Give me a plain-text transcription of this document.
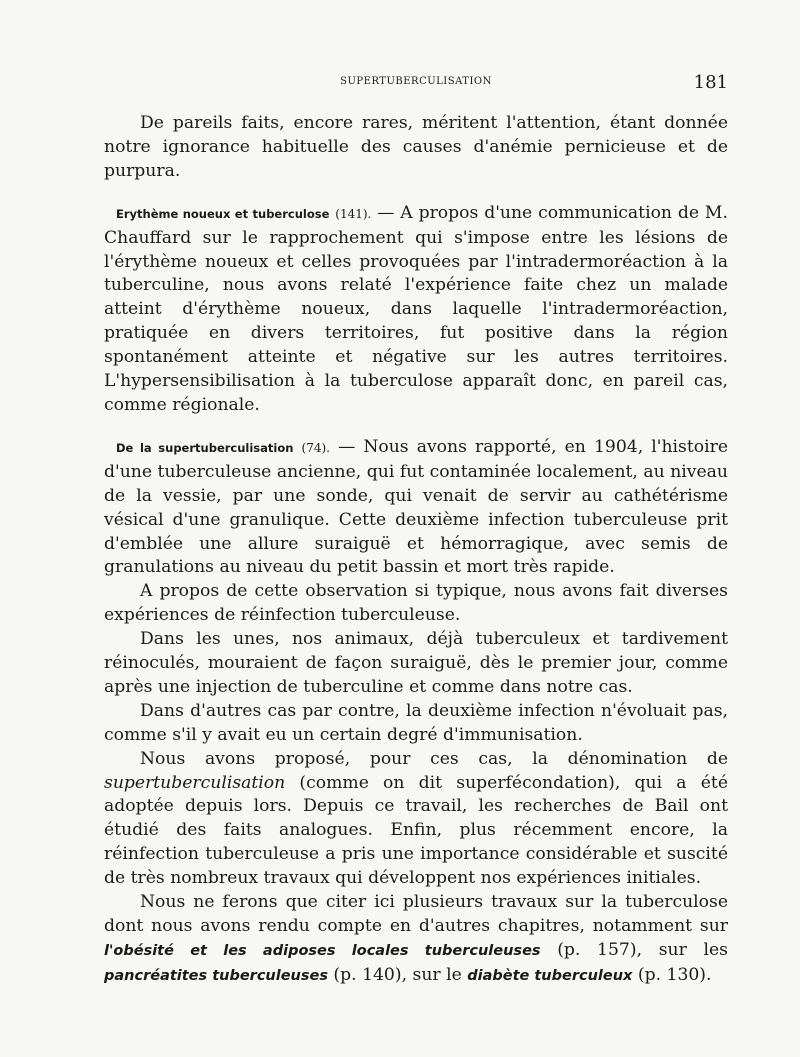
SUPERTUBERCULISATION	181

De pareils faits, encore rares, méritent l'attention, étant donnée notre ignorance habituelle des causes d'anémie pernicieuse et de purpura.

Erythème noueux et tuberculose (141). — A propos d'une communication de M. Chauffard sur le rapprochement qui s'impose entre les lésions de l'érythème noueux et celles provoquées par l'intradermoréaction à la tuberculine, nous avons relaté l'expérience faite chez un malade atteint d'érythème noueux, dans laquelle l'intradermoréaction, pratiquée en divers territoires, fut positive dans la région spontanément atteinte et négative sur les autres territoires. L'hypersensibilisation à la tuberculose apparaît donc, en pareil cas, comme régionale.

De la supertuberculisation (74). — Nous avons rapporté, en 1904, l'histoire d'une tuberculeuse ancienne, qui fut contaminée localement, au niveau de la vessie, par une sonde, qui venait de servir au cathétérisme vésical d'une granulique. Cette deuxième infection tuberculeuse prit d'emblée une allure suraiguë et hémorragique, avec semis de granulations au niveau du petit bassin et mort très rapide.

A propos de cette observation si typique, nous avons fait diverses expériences de réinfection tuberculeuse.

Dans les unes, nos animaux, déjà tuberculeux et tardivement réinoculés, mouraient de façon suraiguë, dès le premier jour, comme après une injection de tuberculine et comme dans notre cas.

Dans d'autres cas par contre, la deuxième infection n'évoluait pas, comme s'il y avait eu un certain degré d'immunisation.

Nous avons proposé, pour ces cas, la dénomination de supertuberculisation (comme on dit superfécondation), qui a été adoptée depuis lors. Depuis ce travail, les recherches de Bail ont étudié des faits analogues. Enfin, plus récemment encore, la réinfection tuberculeuse a pris une importance considérable et suscité de très nombreux travaux qui développent nos expériences initiales.

Nous ne ferons que citer ici plusieurs travaux sur la tuberculose dont nous avons rendu compte en d'autres chapitres, notamment sur l'obésité et les adiposes locales tuberculeuses (p. 157), sur les pancréatites tuberculeuses (p. 140), sur le diabète tuberculeux (p. 130).
